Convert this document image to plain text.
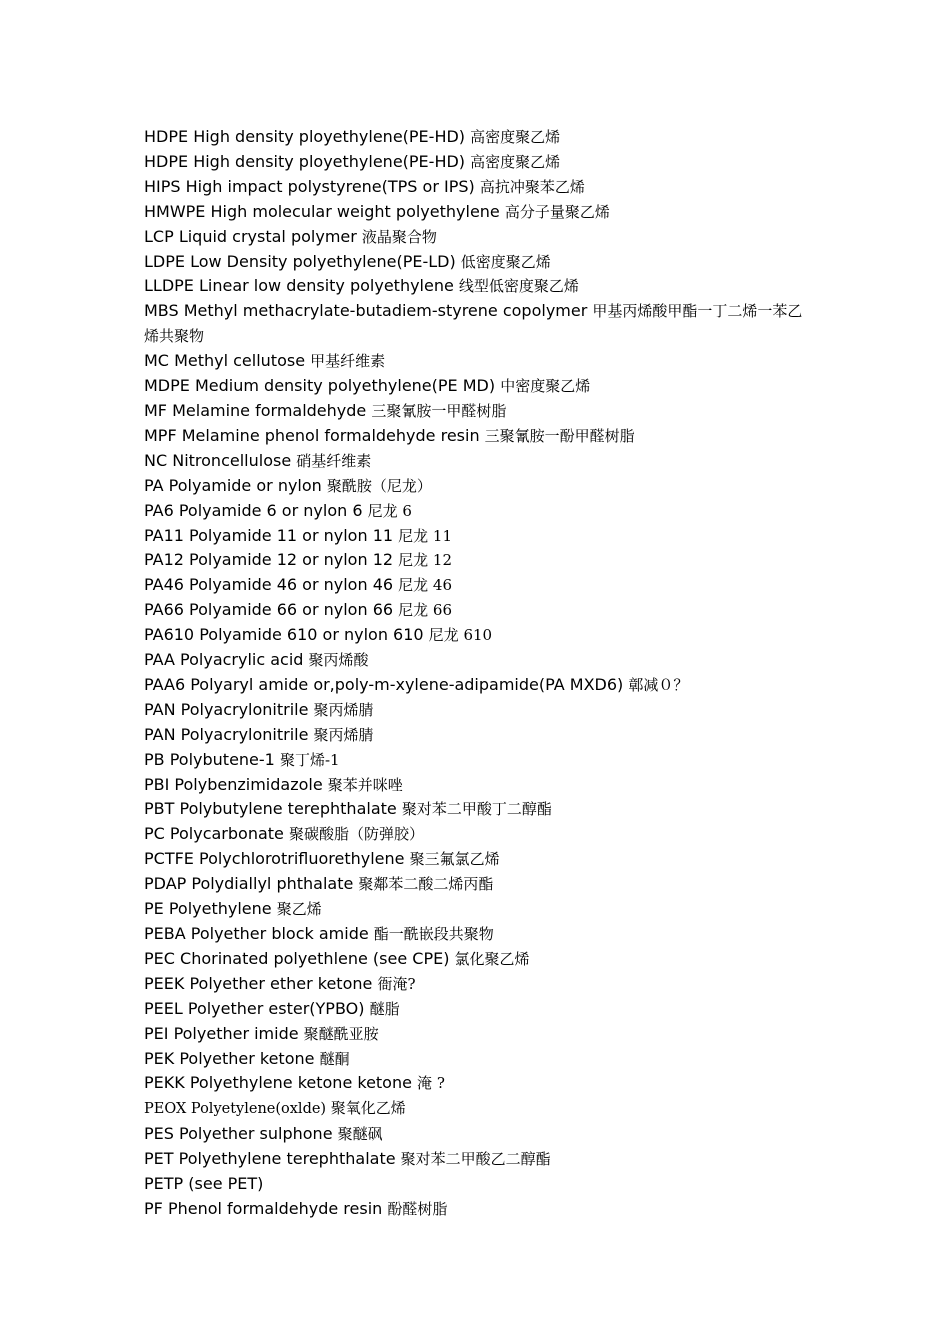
HDPE High density ployethylene(PE-HD) 高密度聚乙烯
HDPE High density ployethylene(PE-HD) 高密度聚乙烯
HIPS High impact polystyrene(TPS or IPS) 高抗冲聚苯乙烯
HMWPE High molecular weight polyethylene 高分子量聚乙烯
LCP Liquid crystal polymer 液晶聚合物
LDPE Low Density polyethylene(PE-LD) 低密度聚乙烯
LLDPE Linear low density polyethylene 线型低密度聚乙烯
MBS Methyl methacrylate-butadiem-styrene copolymer 甲基丙烯酸甲酯一丁二烯一苯乙烯共聚物
MC Methyl cellutose 甲基纤维素
MDPE Medium density polyethylene(PE MD) 中密度聚乙烯
MF Melamine formaldehyde 三聚氰胺一甲醛树脂
MPF Melamine phenol formaldehyde resin 三聚氰胺一酚甲醛树脂
NC Nitroncellulose 硝基纤维素
PA Polyamide or nylon 聚酰胺（尼龙）
PA6 Polyamide 6 or nylon 6 尼龙 6
PA11 Polyamide 11 or nylon 11 尼龙 11
PA12 Polyamide 12 or nylon 12 尼龙 12
PA46 Polyamide 46 or nylon 46 尼龙 46
PA66 Polyamide 66 or nylon 66 尼龙 66
PA610 Polyamide 610 or nylon 610 尼龙 610
PAA Polyacrylic acid 聚丙烯酸
PAA6 Polyaryl amide or,poly-m-xylene-adipamide(PA MXD6) 鄣减０？
PAN Polyacrylonitrile 聚丙烯腈
PAN Polyacrylonitrile 聚丙烯腈
PB Polybutene-1 聚丁烯-1
PBI Polybenzimidazole 聚苯并咪唑
PBT Polybutylene terephthalate 聚对苯二甲酸丁二醇酯
PC Polycarbonate 聚碳酸脂（防弹胶）
PCTFE Polychlorotrifluorethylene 聚三氟氯乙烯
PDAP Polydiallyl phthalate 聚鄰苯二酸二烯丙酯
PE Polyethylene 聚乙烯
PEBA Polyether block amide 酯一酰嵌段共聚物
PEC Chorinated polyethlene (see CPE) 氯化聚乙烯
PEEK Polyether ether ketone 衙淹?
PEEL Polyether ester(YPBO) 醚脂
PEI Polyether imide 聚醚酰亚胺
PEK Polyether ketone 醚酮
PEKK Polyethylene ketone ketone 淹 ?
PEOX Polyetylene(oxlde) 聚氧化乙烯
PES Polyether sulphone 聚醚砜
PET Polyethylene terephthalate 聚对苯二甲酸乙二醇酯
PETP (see PET)
PF Phenol formaldehyde resin 酚醛树脂
